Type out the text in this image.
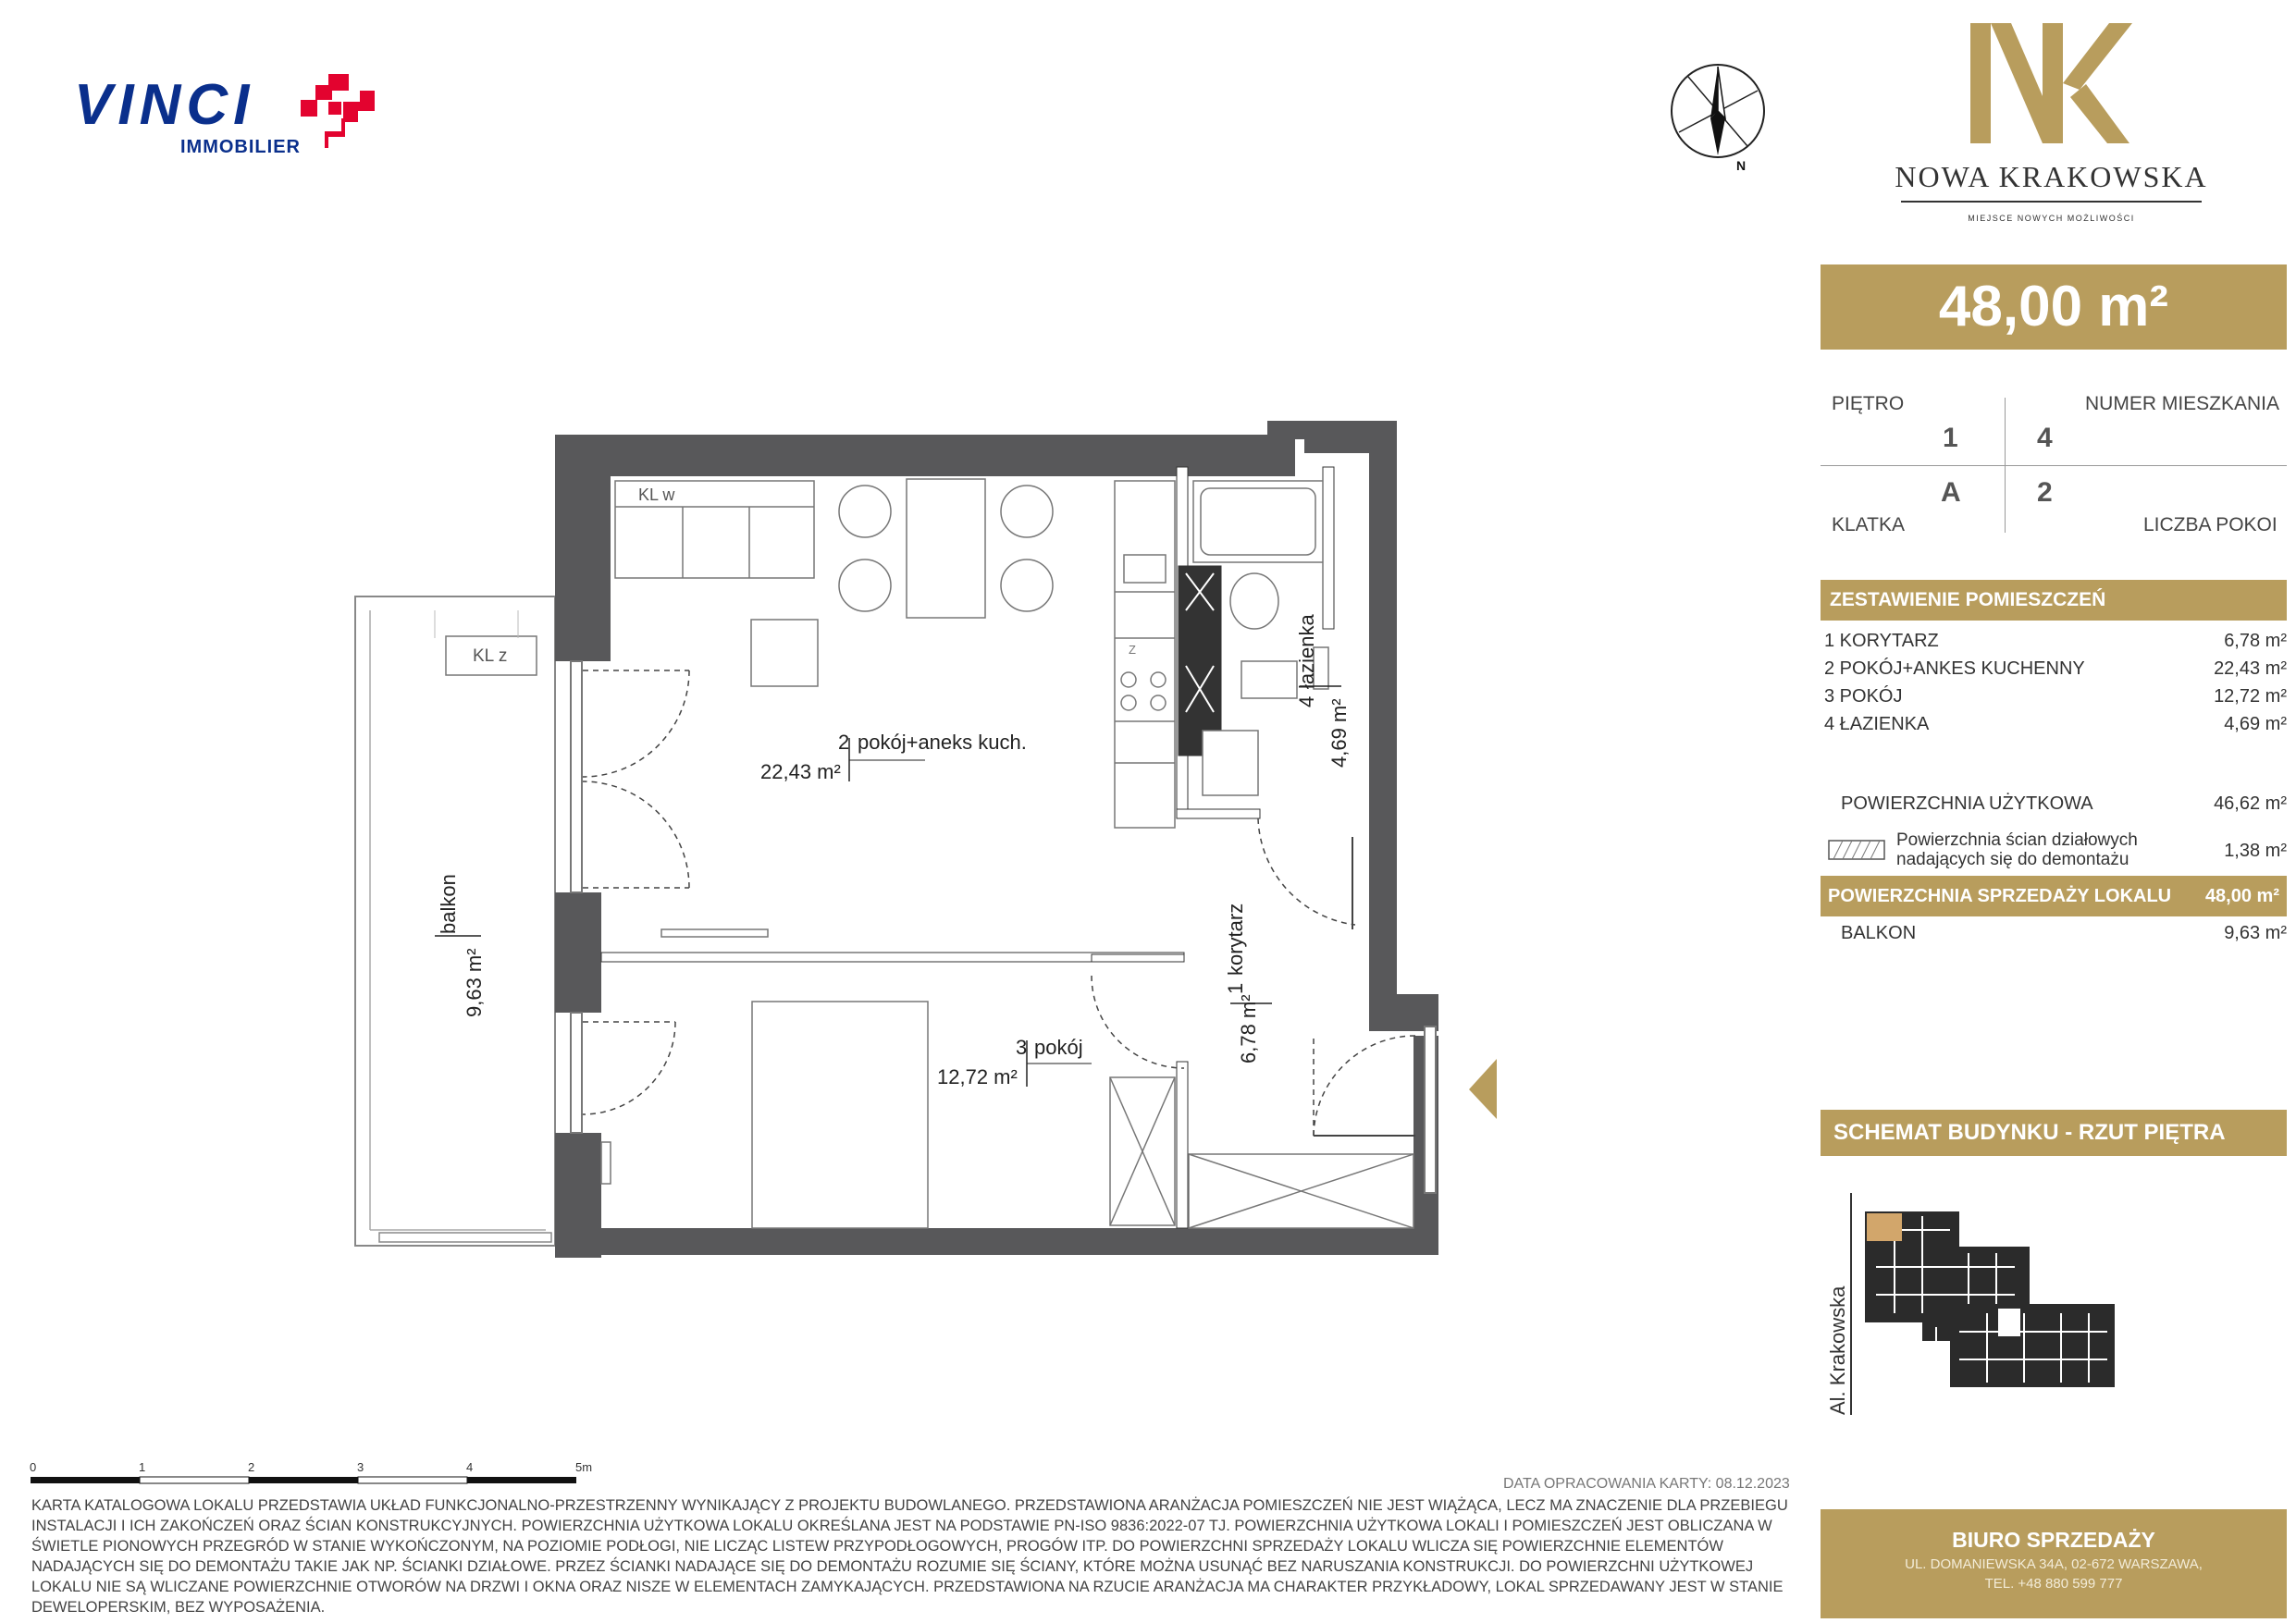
VINCI
IMMOBILIER
N	NOWA KRAKOWSKA
MIEJSCE NOWYCH MOŻLIWOŚCI
48,00 m²
PIĘTRO
1
NUMER MIESZKANIA
4
A	2
KLATKA	LICZBA POKOI
ZESTAWIENIE POMIESZCZEŃ
1 KORYTARZ	6,78 m²
2 POKÓJ+ANKES KUCHENNY	22,43 m²
3 POKÓJ	12,72 m²
4 ŁAZIENKA	4,69 m²
POWIERZCHNIA UŻYTKOWA	46,62 m²
Powierzchnia ścian działowych
nadających się do demontażu	1,38 m²
POWIERZCHNIA SPRZEDAŻY LOKALU 48,00 m²
BALKON	9,63 m²
SCHEMAT BUDYNKU - RZUT PIĘTRA
Al. Krakowska
BIURO SPRZEDAŻY
UL. DOMANIEWSKA 34A, 02-672 WARSZAWA,
TEL. +48 880 599 777
KL w
KL z	Z
2 pokój+aneks kuch.
22,43 m²
3 pokój
12,72 m²
6,78 m²
1
korytarz
4,69 m²
4
łazienka
balkon
9,63 m²
0	1	2	3	4	5m
DATA OPRACOWANIA KARTY: 08.12.2023
KARTA KATALOGOWA LOKALU PRZEDSTAWIA UKŁAD FUNKCJONALNO-PRZESTRZENNY WYNIKAJĄCY Z PROJEKTU BUDOWLANEGO. PRZEDSTAWIONA ARANŻACJA POMIESZCZEŃ NIE JEST WIĄŻĄCA, LECZ MA ZNACZENIE DLA PRZEBIEGU INSTALACJI I ICH ZAKOŃCZEŃ ORAZ ŚCIAN KONSTRUKCYJNYCH. POWIERZCHNIA UŻYTKOWA LOKALU OKREŚLANA JEST NA PODSTAWIE PN-ISO 9836:2022-07 TJ. POWIERZCHNIA UŻYTKOWA LOKALI I POMIESZCZEŃ JEST OBLICZANA W ŚWIETLE PIONOWYCH PRZEGRÓD W STANIE WYKOŃCZONYM, NA POZIOMIE PODŁOGI, NIE LICZĄC LISTEW PRZYPODŁOGOWYCH, PROGÓW ITP. DO POWIERZCHNI SPRZEDAŻY LOKALU WLICZA SIĘ POWIERZCHNIE ELEMENTÓW NADAJĄCYCH SIĘ DO DEMONTAŻU TAKIE JAK NP. ŚCIANKI DZIAŁOWE. PRZEZ ŚCIANKI NADAJĄCE SIĘ DO DEMONTAŻU ROZUMIE SIĘ ŚCIANY, KTÓRE MOŻNA USUNĄĆ BEZ NARUSZANIA KONSTRUKCJI. DO POWIERZCHNI UŻYTKOWEJ LOKALU NIE SĄ WLICZANE POWIERZCHNIE OTWORÓW NA DRZWI I OKNA ORAZ NISZE W ELEMENTACH ZAMYKAJĄCYCH. PRZEDSTAWIONA NA RZUCIE ARANŻACJA MA CHARAKTER PRZYKŁADOWY, LOKAL SPRZEDAWANY JEST W STANIE DEWELOPERSKIM, BEZ WYPOSAŻENIA.
